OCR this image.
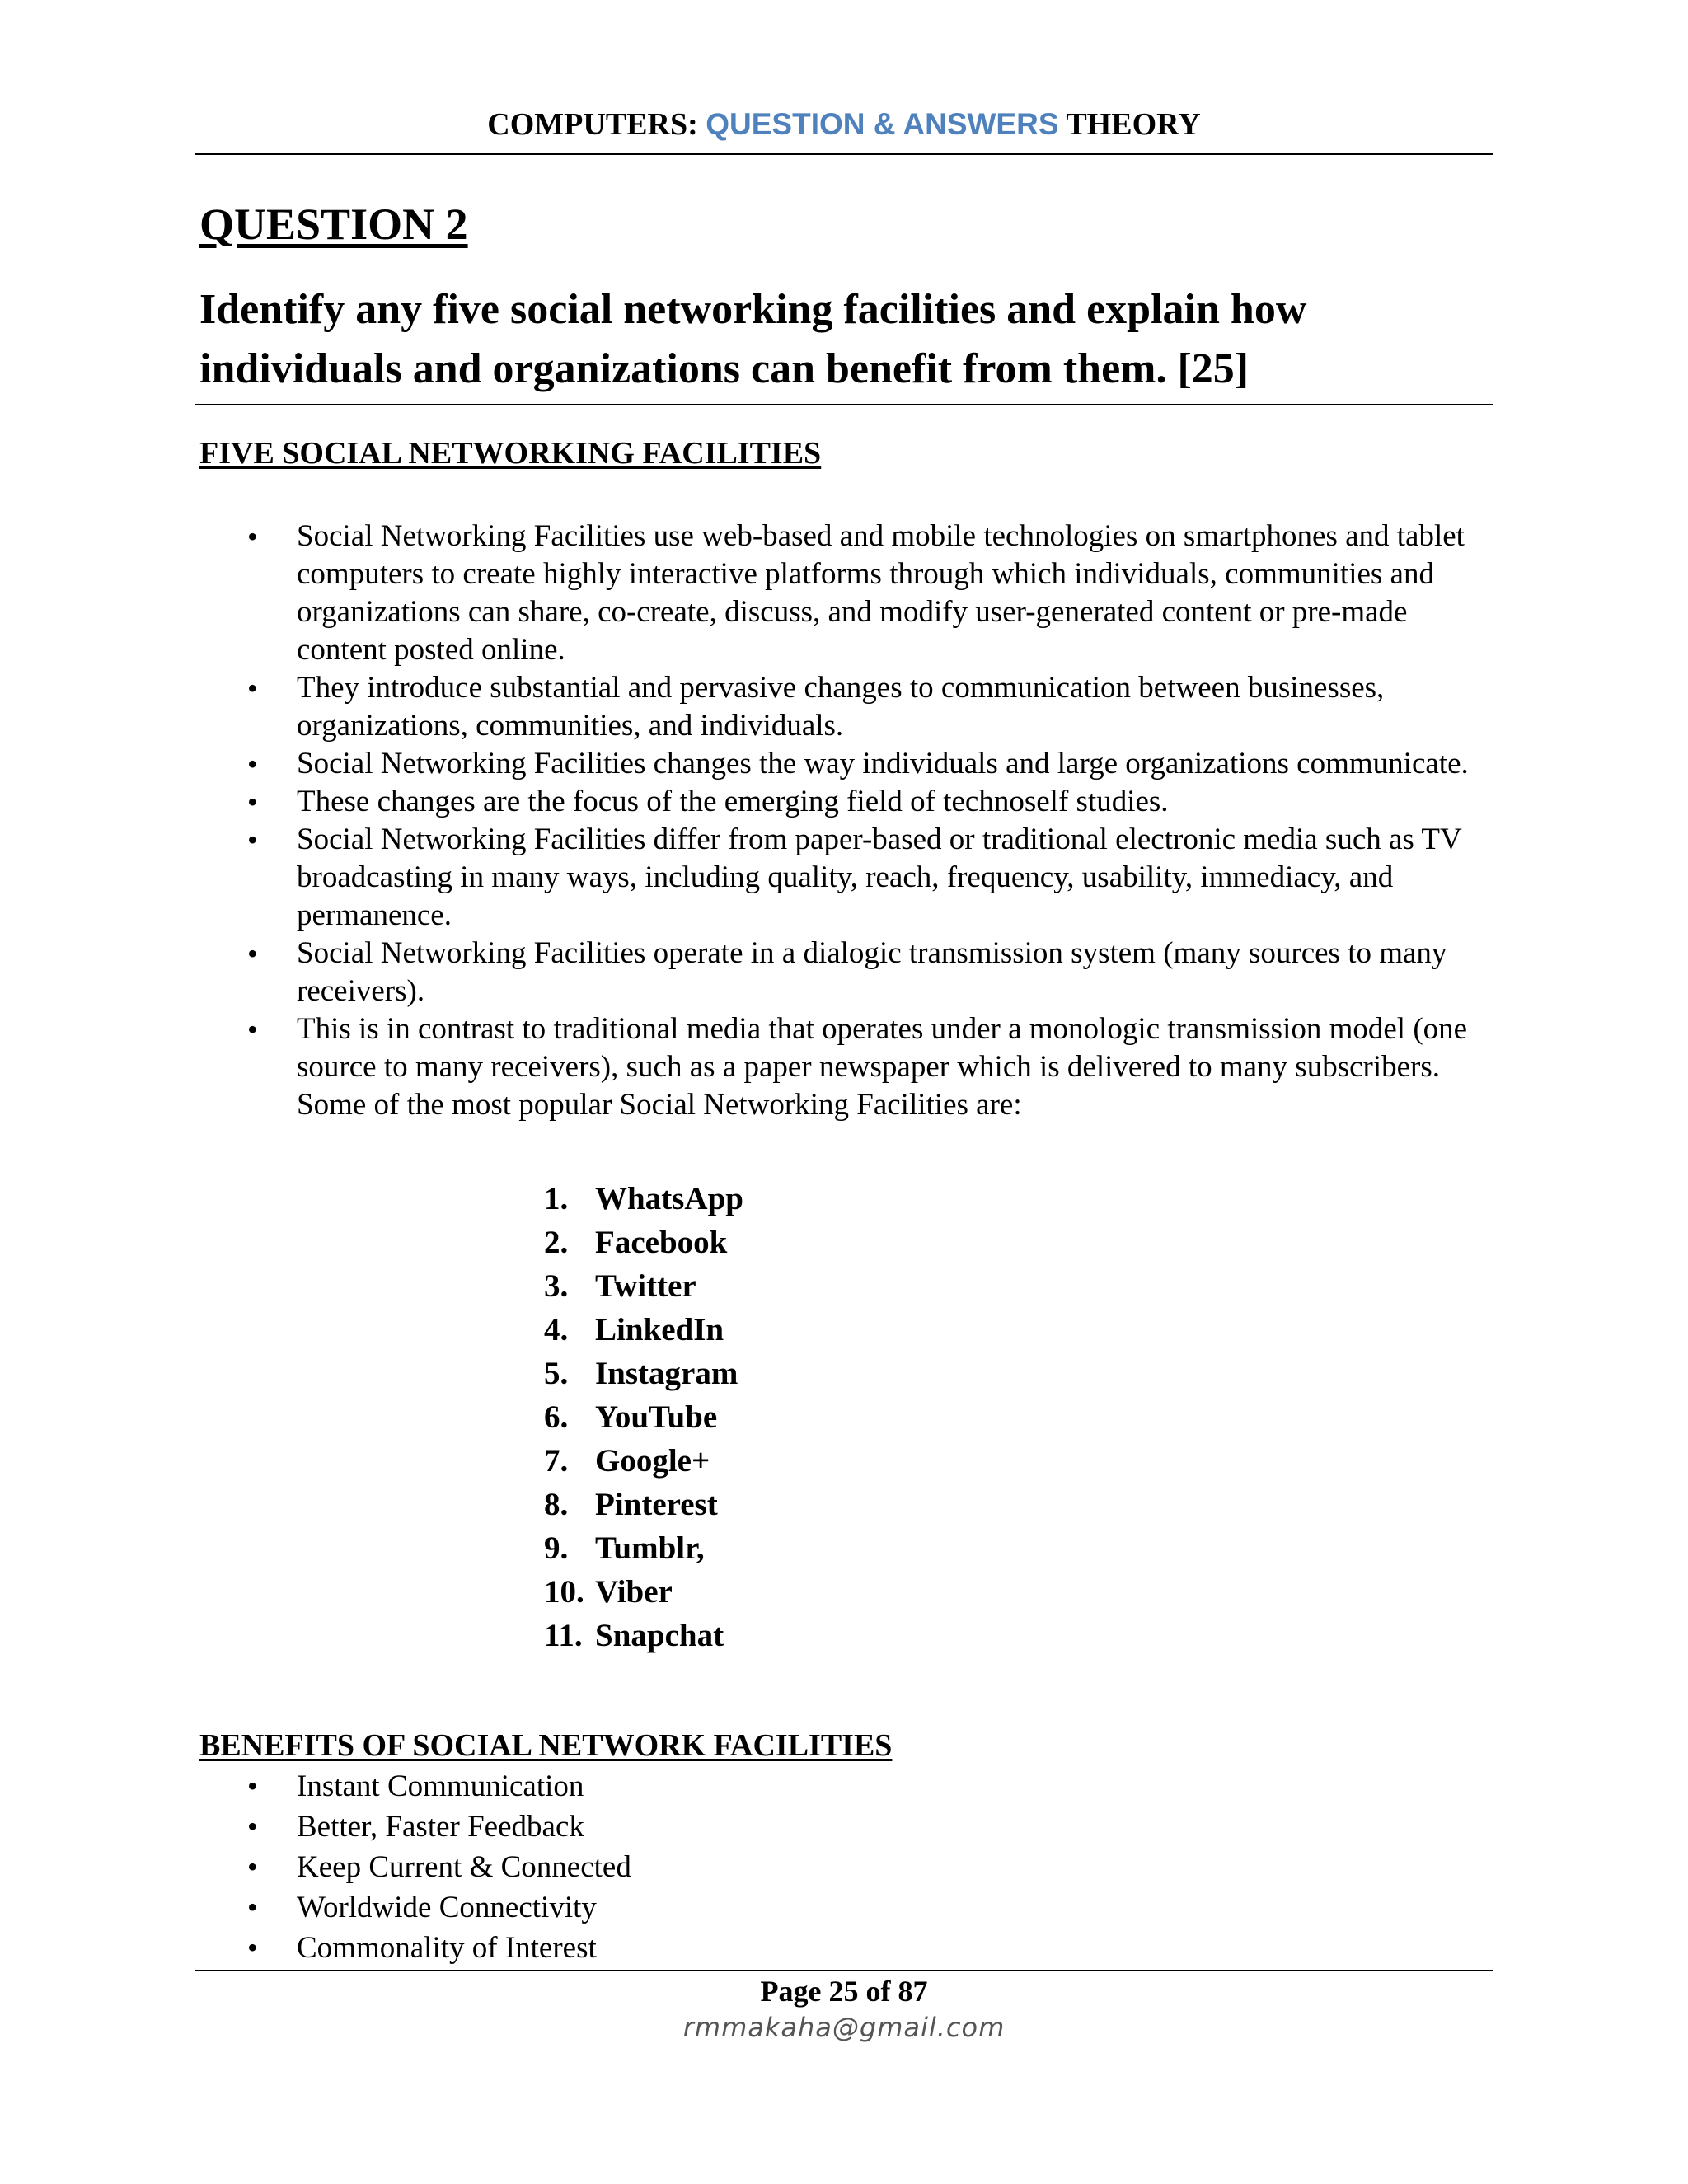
COMPUTERS: QUESTION & ANSWERS THEORY
QUESTION 2
Identify any five social networking facilities and explain how individuals and organizations can benefit from them. [25]
FIVE SOCIAL NETWORKING FACILITIES
• Social Networking Facilities use web-based and mobile technologies on smartphones and tablet computers to create highly interactive platforms through which individuals, communities and organizations can share, co-create, discuss, and modify user-generated content or pre-made content posted online.
• They introduce substantial and pervasive changes to communication between businesses, organizations, communities, and individuals.
• Social Networking Facilities changes the way individuals and large organizations communicate.
• These changes are the focus of the emerging field of technoself studies.
• Social Networking Facilities differ from paper-based or traditional electronic media such as TV broadcasting in many ways, including quality, reach, frequency, usability, immediacy, and permanence.
• Social Networking Facilities operate in a dialogic transmission system (many sources to many receivers).
• This is in contrast to traditional media that operates under a monologic transmission model (one source to many receivers), such as a paper newspaper which is delivered to many subscribers. Some of the most popular Social Networking Facilities are:
1. WhatsApp
2. Facebook
3. Twitter
4. LinkedIn
5. Instagram
6. YouTube
7. Google+
8. Pinterest
9. Tumblr,
10. Viber
11. Snapchat
BENEFITS OF SOCIAL NETWORK FACILITIES
• Instant Communication
• Better, Faster Feedback
• Keep Current & Connected
• Worldwide Connectivity
• Commonality of Interest
Page 25 of 87
rmmakaha@gmail.com
